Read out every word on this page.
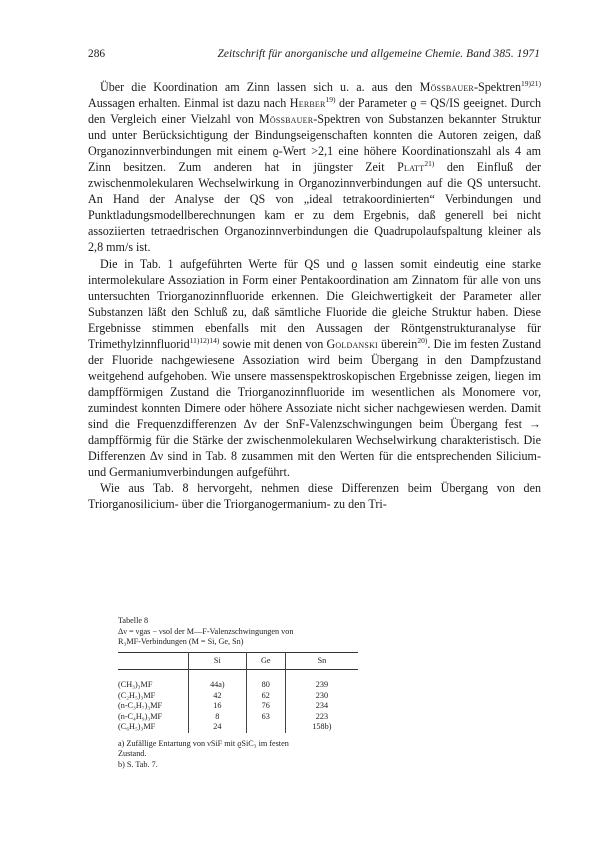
286	Zeitschrift für anorganische und allgemeine Chemie. Band 385. 1971

Über die Koordination am Zinn lassen sich u. a. aus den Mössbauer-Spektren$^{19)21)}$ Aussagen erhalten. Einmal ist dazu nach Herber$^{19)}$ der Parameter ϱ = QS/IS geeignet. Durch den Vergleich einer Vielzahl von Mössbauer-Spektren von Substanzen bekannter Struktur und unter Berücksichtigung der Bindungseigenschaften konnten die Autoren zeigen, daß Organozinnverbindungen mit einem ϱ-Wert >2,1 eine höhere Koordinationszahl als 4 am Zinn besitzen. Zum anderen hat in jüngster Zeit Platt$^{21)}$ den Einfluß der zwischenmolekularen Wechselwirkung in Organozinnverbindungen auf die QS untersucht. An Hand der Analyse der QS von „ideal tetrakoordinierten“ Verbindungen und Punktladungsmodellberechnungen kam er zu dem Ergebnis, daß generell bei nicht assoziierten tetraedrischen Organozinnverbindungen die Quadrupolaufspaltung kleiner als 2,8 mm/s ist.

Die in Tab. 1 aufgeführten Werte für QS und ϱ lassen somit eindeutig eine starke intermolekulare Assoziation in Form einer Pentakoordination am Zinnatom für alle von uns untersuchten Triorganozinnfluoride erkennen. Die Gleichwertigkeit der Parameter aller Substanzen läßt den Schluß zu, daß sämtliche Fluoride die gleiche Struktur haben. Diese Ergebnisse stimmen ebenfalls mit den Aussagen der Röntgenstrukturanalyse für Trimethylzinnfluorid$^{11)12)14)}$ sowie mit denen von Goldanski überein$^{20)}$. Die im festen Zustand der Fluoride nachgewiesene Assoziation wird beim Übergang in den Dampfzustand weitgehend aufgehoben. Wie unsere massenspektroskopischen Ergebnisse zeigen, liegen im dampfförmigen Zustand die Triorganozinnfluoride im wesentlichen als Monomere vor, zumindest konnten Dimere oder höhere Assoziate nicht sicher nachgewiesen werden. Damit sind die Frequenzdifferenzen Δν der SnF-Valenzschwingungen beim Übergang fest → dampfförmig für die Stärke der zwischenmolekularen Wechselwirkung charakteristisch. Die Differenzen Δν sind in Tab. 8 zusammen mit den Werten für die entsprechenden Silicium- und Germaniumverbindungen aufgeführt.

Wie aus Tab. 8 hervorgeht, nehmen diese Differenzen beim Übergang von den Triorganosilicium- über die Triorganogermanium- zu den Tri-

Tabelle 8

Δν = νgas − νsol der M—F-Valenzschwingungen von

R₃MF-Verbindungen (M = Si, Ge, Sn)

	Si	Ge	Sn
(CH₃)₃MF	44a)	80	239
(C₂H₅)₃MF	42	62	230
(n-C₃H₇)₃MF	16	76	234
(n-C₄H₉)₃MF	8	63	223
(C₆H₅)₃MF	24		158b)

a) Zufällige Entartung von νSiF mit ϱSiC₃ im festen

Zustand.

b) S. Tab. 7.
